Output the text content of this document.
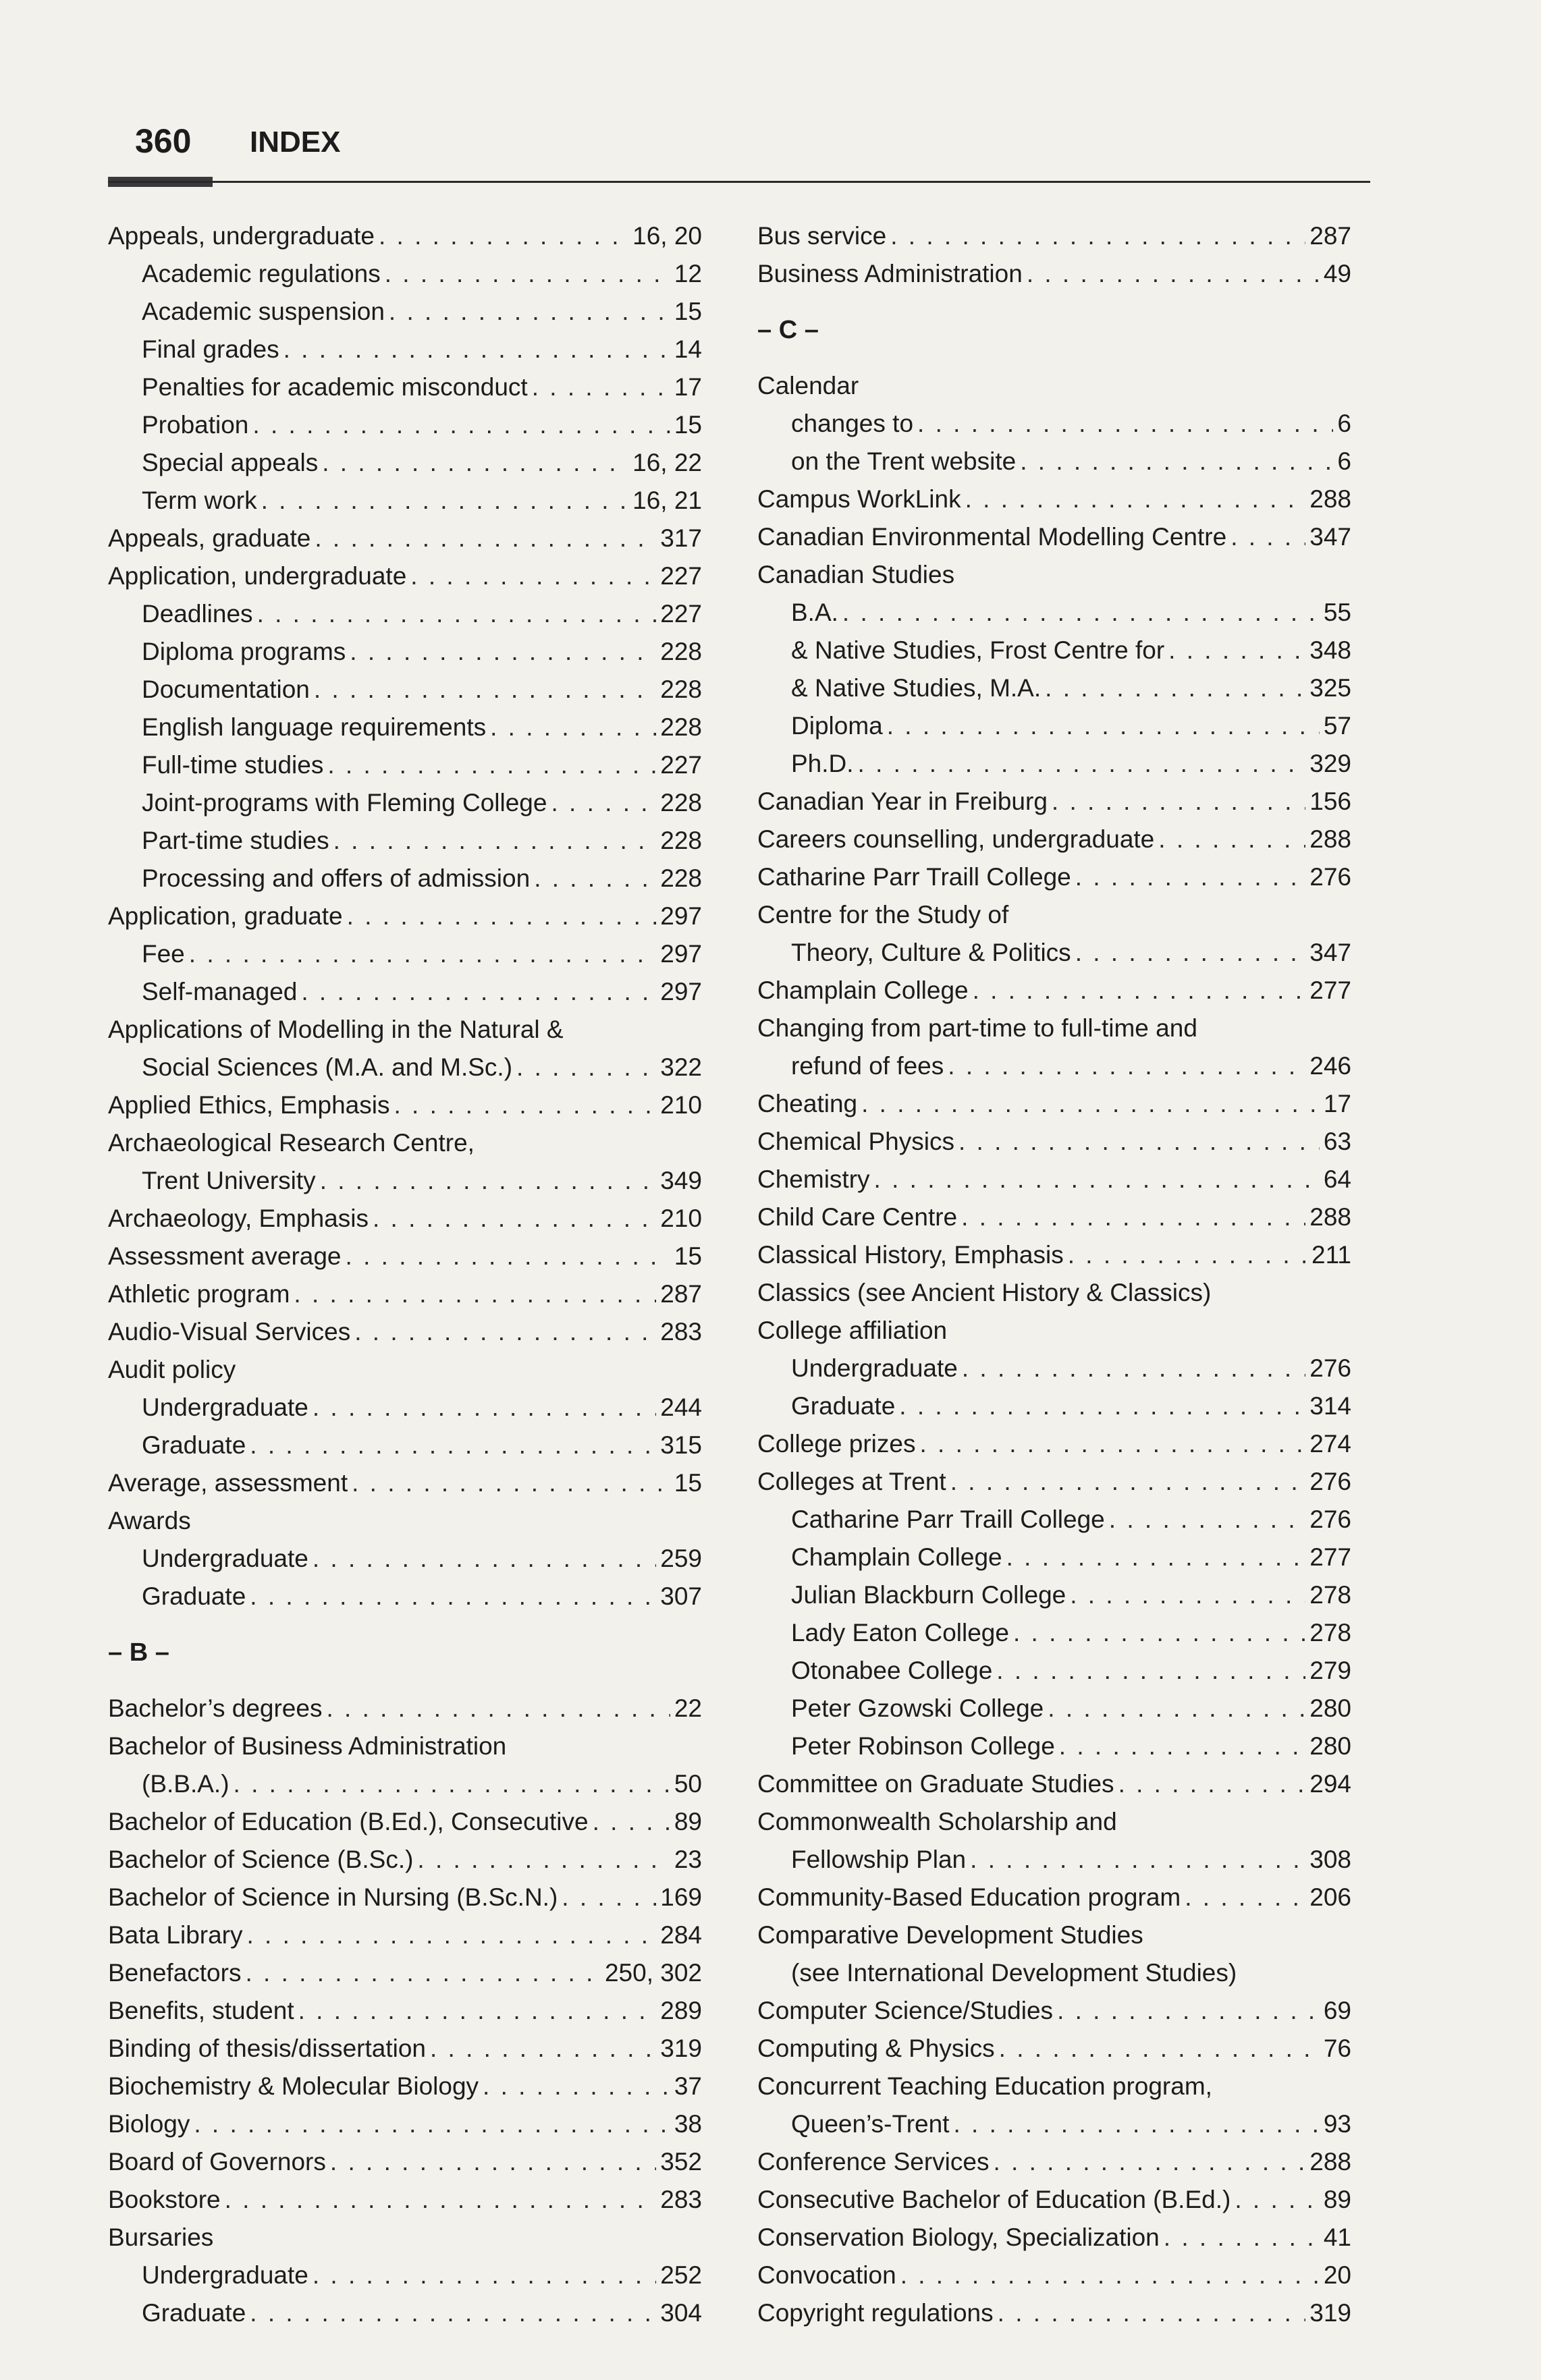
360 INDEX
Appeals, undergraduate . . .	16, 20
Academic regulations . . .	12
Academic suspension . . .	15
Final grades . . .	14
Penalties for academic misconduct . . .	17
Probation . . .	15
Special appeals . . .	16, 22
Term work . . .	16, 21
Appeals, graduate . . .	317
Application, undergraduate . . .	227
Deadlines . . .	227
Diploma programs . . .	228
Documentation . . .	228
English language requirements . . .	228
Full-time studies . . .	227
Joint-programs with Fleming College . . .	228
Part-time studies . . .	228
Processing and offers of admission . . .	228
Application, graduate . . .	297
Fee . . .	297
Self-managed . . .	297
Applications of Modelling in the Natural &
Social Sciences (M.A. and M.Sc.) . . .	322
Applied Ethics, Emphasis . . .	210
Archaeological Research Centre,
Trent University . . .	349
Archaeology, Emphasis . . .	210
Assessment average . . .	15
Athletic program . . .	287
Audio-Visual Services . . .	283
Audit policy
Undergraduate . . .	244
Graduate . . .	315
Average, assessment . . .	15
Awards
Undergraduate . . .	259
Graduate . . .	307
– B –
Bachelor’s degrees . . .	22
Bachelor of Business Administration
(B.B.A.) . . .	50
Bachelor of Education (B.Ed.), Consecutive . . .	89
Bachelor of Science (B.Sc.) . . .	23
Bachelor of Science in Nursing (B.Sc.N.) . . .	169
Bata Library . . .	284
Benefactors . . .	250, 302
Benefits, student . . .	289
Binding of thesis/dissertation . . .	319
Biochemistry & Molecular Biology . . .	37
Biology . . .	38
Board of Governors . . .	352
Bookstore . . .	283
Bursaries
Undergraduate . . .	252
Graduate . . .	304
Bus service . . .	287
Business Administration . . .	49
– C –
Calendar
changes to . . .	6
on the Trent website . . .	6
Campus WorkLink . . .	288
Canadian Environmental Modelling Centre . . .	347
Canadian Studies
B.A. . . .	55
& Native Studies, Frost Centre for . . .	348
& Native Studies, M.A. . . .	325
Diploma . . .	57
Ph.D. . . .	329
Canadian Year in Freiburg . . .	156
Careers counselling, undergraduate . . .	288
Catharine Parr Traill College . . .	276
Centre for the Study of
Theory, Culture & Politics . . .	347
Champlain College . . .	277
Changing from part-time to full-time and
refund of fees . . .	246
Cheating . . .	17
Chemical Physics . . .	63
Chemistry . . .	64
Child Care Centre . . .	288
Classical History, Emphasis . . .	211
Classics (see Ancient History & Classics)
College affiliation
Undergraduate . . .	276
Graduate . . .	314
College prizes . . .	274
Colleges at Trent . . .	276
Catharine Parr Traill College . . .	276
Champlain College . . .	277
Julian Blackburn College . . .	278
Lady Eaton College . . .	278
Otonabee College . . .	279
Peter Gzowski College . . .	280
Peter Robinson College . . .	280
Committee on Graduate Studies . . .	294
Commonwealth Scholarship and
Fellowship Plan . . .	308
Community-Based Education program . . .	206
Comparative Development Studies
(see International Development Studies)
Computer Science/Studies . . .	69
Computing & Physics . . .	76
Concurrent Teaching Education program,
Queen’s-Trent . . .	93
Conference Services . . .	288
Consecutive Bachelor of Education (B.Ed.) . . .	89
Conservation Biology, Specialization . . .	41
Convocation . . .	20
Copyright regulations . . .	319
